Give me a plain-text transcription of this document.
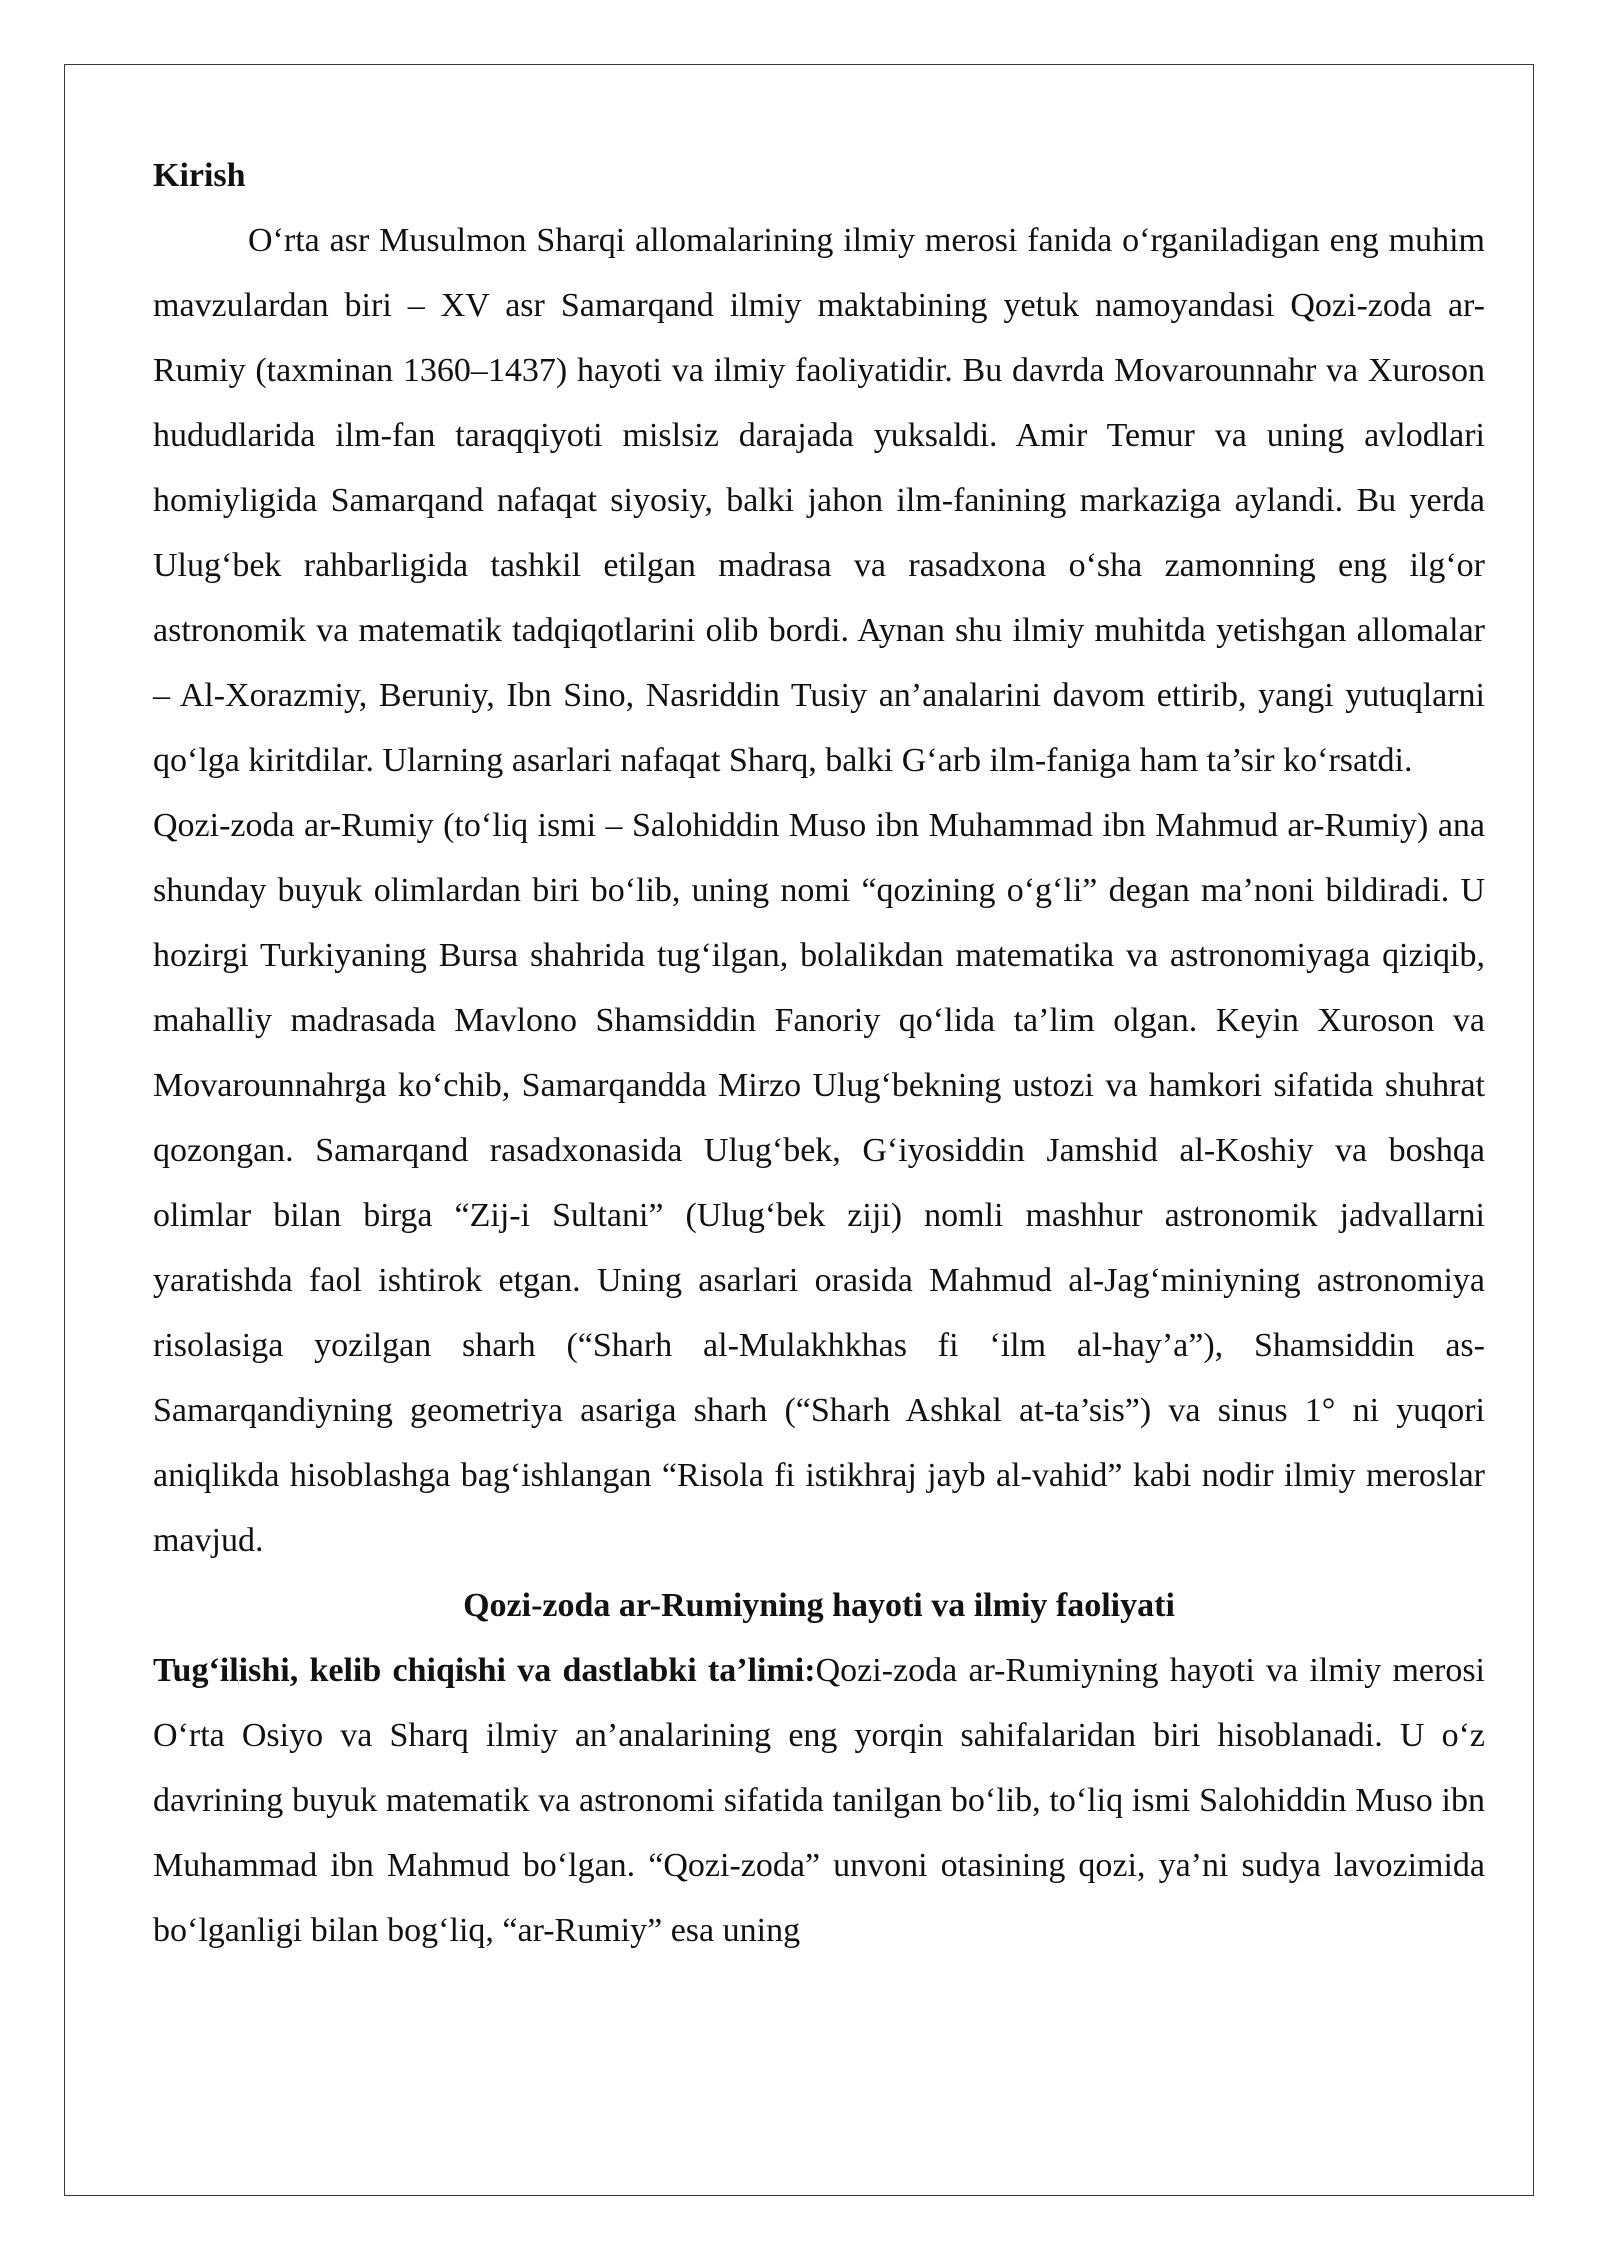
Kirish

O‘rta asr Musulmon Sharqi allomalarining ilmiy merosi fanida o‘rganiladigan eng muhim mavzulardan biri – XV asr Samarqand ilmiy maktabining yetuk namoyandasi Qozi-zoda ar-Rumiy (taxminan 1360–1437) hayoti va ilmiy faoliyatidir. Bu davrda Movarounnahr va Xuroson hududlarida ilm-fan taraqqiyoti mislsiz darajada yuksaldi. Amir Temur va uning avlodlari homiyligida Samarqand nafaqat siyosiy, balki jahon ilm-fanining markaziga aylandi. Bu yerda Ulug‘bek rahbarligida tashkil etilgan madrasa va rasadxona o‘sha zamonning eng ilg‘or astronomik va matematik tadqiqotlarini olib bordi. Aynan shu ilmiy muhitda yetishgan allomalar – Al-Xorazmiy, Beruniy, Ibn Sino, Nasriddin Tusiy an’analarini davom ettirib, yangi yutuqlarni qo‘lga kiritdilar. Ularning asarlari nafaqat Sharq, balki G‘arb ilm-faniga ham ta’sir ko‘rsatdi.

Qozi-zoda ar-Rumiy (to‘liq ismi – Salohiddin Muso ibn Muhammad ibn Mahmud ar-Rumiy) ana shunday buyuk olimlardan biri bo‘lib, uning nomi “qozining o‘g‘li” degan ma’noni bildiradi. U hozirgi Turkiyaning Bursa shahrida tug‘ilgan, bolalikdan matematika va astronomiyaga qiziqib, mahalliy madrasada Mavlono Shamsiddin Fanoriy qo‘lida ta’lim olgan. Keyin Xuroson va Movarounnahrga ko‘chib, Samarqandda Mirzo Ulug‘bekning ustozi va hamkori sifatida shuhrat qozongan. Samarqand rasadxonasida Ulug‘bek, G‘iyosiddin Jamshid al-Koshiy va boshqa olimlar bilan birga “Zij-i Sultani” (Ulug‘bek ziji) nomli mashhur astronomik jadvallarni yaratishda faol ishtirok etgan. Uning asarlari orasida Mahmud al-Jag‘miniyning astronomiya risolasiga yozilgan sharh (“Sharh al-Mulakhkhas fi ‘ilm al-hay’a”), Shamsiddin as-Samarqandiyning geometriya asariga sharh (“Sharh Ashkal at-ta’sis”) va sinus 1° ni yuqori aniqlikda hisoblashga bag‘ishlangan “Risola fi istikhraj jayb al-vahid” kabi nodir ilmiy meroslar mavjud.

Qozi-zoda ar-Rumiyning hayoti va ilmiy faoliyati

Tug‘ilishi, kelib chiqishi va dastlabki ta’limi:Qozi-zoda ar-Rumiyning hayoti va ilmiy merosi O‘rta Osiyo va Sharq ilmiy an’analarining eng yorqin sahifalaridan biri hisoblanadi. U o‘z davrining buyuk matematik va astronomi sifatida tanilgan bo‘lib, to‘liq ismi Salohiddin Muso ibn Muhammad ibn Mahmud bo‘lgan. “Qozi-zoda” unvoni otasining qozi, ya’ni sudya lavozimida bo‘lganligi bilan bog‘liq, “ar-Rumiy” esa uning
